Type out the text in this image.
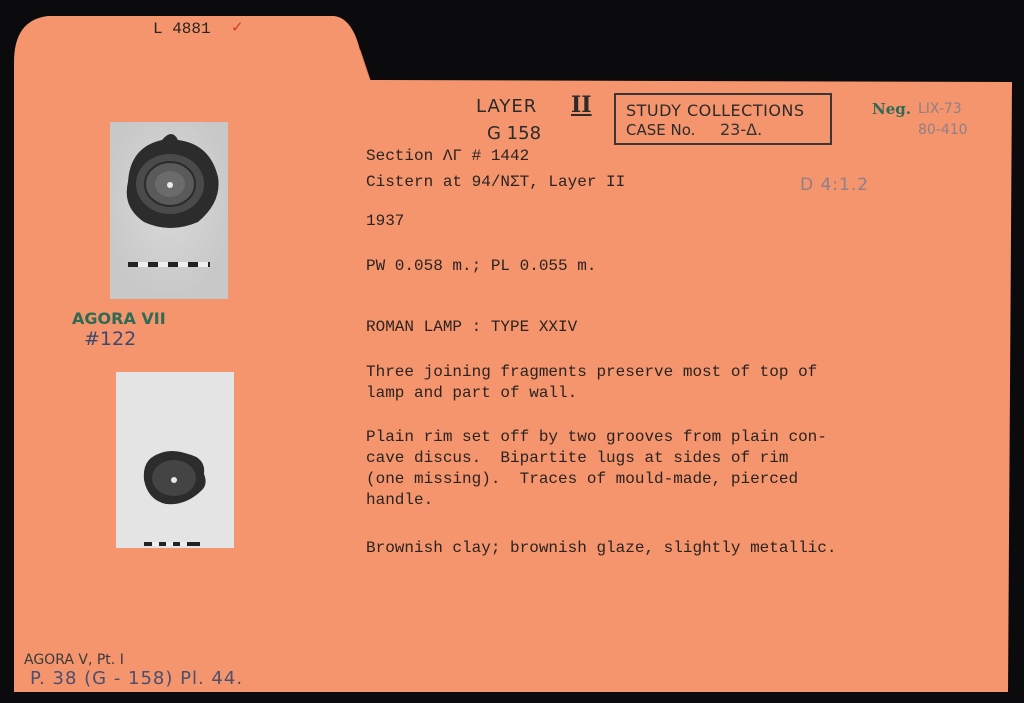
L 4881 ✓
LAYER II
G 158
STUDY COLLECTIONS
CASE No. 23-Δ.
Neg. LIX-73
80-410
D 4:1.2
Section ΛΓ # 1442
Cistern at 94/ΝΣΤ, Layer II
1937
PW 0.058 m.; PL 0.055 m.
ROMAN LAMP : TYPE XXIV
Three joining fragments preserve most of top of
lamp and part of wall.
Plain rim set off by two grooves from plain con-
cave discus.  Bipartite lugs at sides of rim
(one missing).  Traces of mould-made, pierced
handle.
Brownish clay; brownish glaze, slightly metallic.
AGORA VII
#122
AGORA V, Pt. I
P. 38 (G - 158) Pl. 44.
